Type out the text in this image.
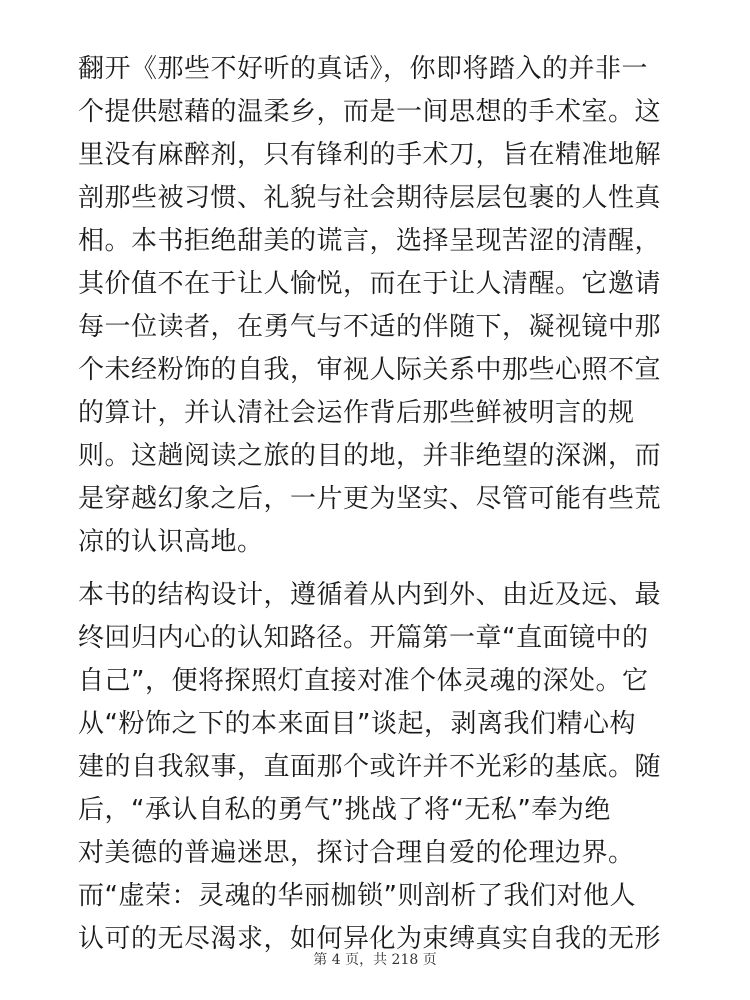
翻开《那些不好听的真话》，你即将踏入的并非一
个提供慰藉的温柔乡，而是一间思想的手术室。这
里没有麻醉剂，只有锋利的手术刀，旨在精准地解
剖那些被习惯、礼貌与社会期待层层包裹的人性真
相。本书拒绝甜美的谎言，选择呈现苦涩的清醒，
其价值不在于让人愉悦，而在于让人清醒。它邀请
每一位读者，在勇气与不适的伴随下，凝视镜中那
个未经粉饰的自我，审视人际关系中那些心照不宣
的算计，并认清社会运作背后那些鲜被明言的规
则。这趟阅读之旅的目的地，并非绝望的深渊，而
是穿越幻象之后，一片更为坚实、尽管可能有些荒
凉的认识高地。
本书的结构设计，遵循着从内到外、由近及远、最
终回归内心的认知路径。开篇第一章“直面镜中的
自己”，便将探照灯直接对准个体灵魂的深处。它
从“粉饰之下的本来面目”谈起，剥离我们精心构
建的自我叙事，直面那个或许并不光彩的基底。随
后，“承认自私的勇气”挑战了将“无私”奉为绝
对美德的普遍迷思，探讨合理自爱的伦理边界。
而“虚荣：灵魂的华丽枷锁”则剖析了我们对他人
认可的无尽渴求，如何异化为束缚真实自我的无形
第 4 页，共 218 页
